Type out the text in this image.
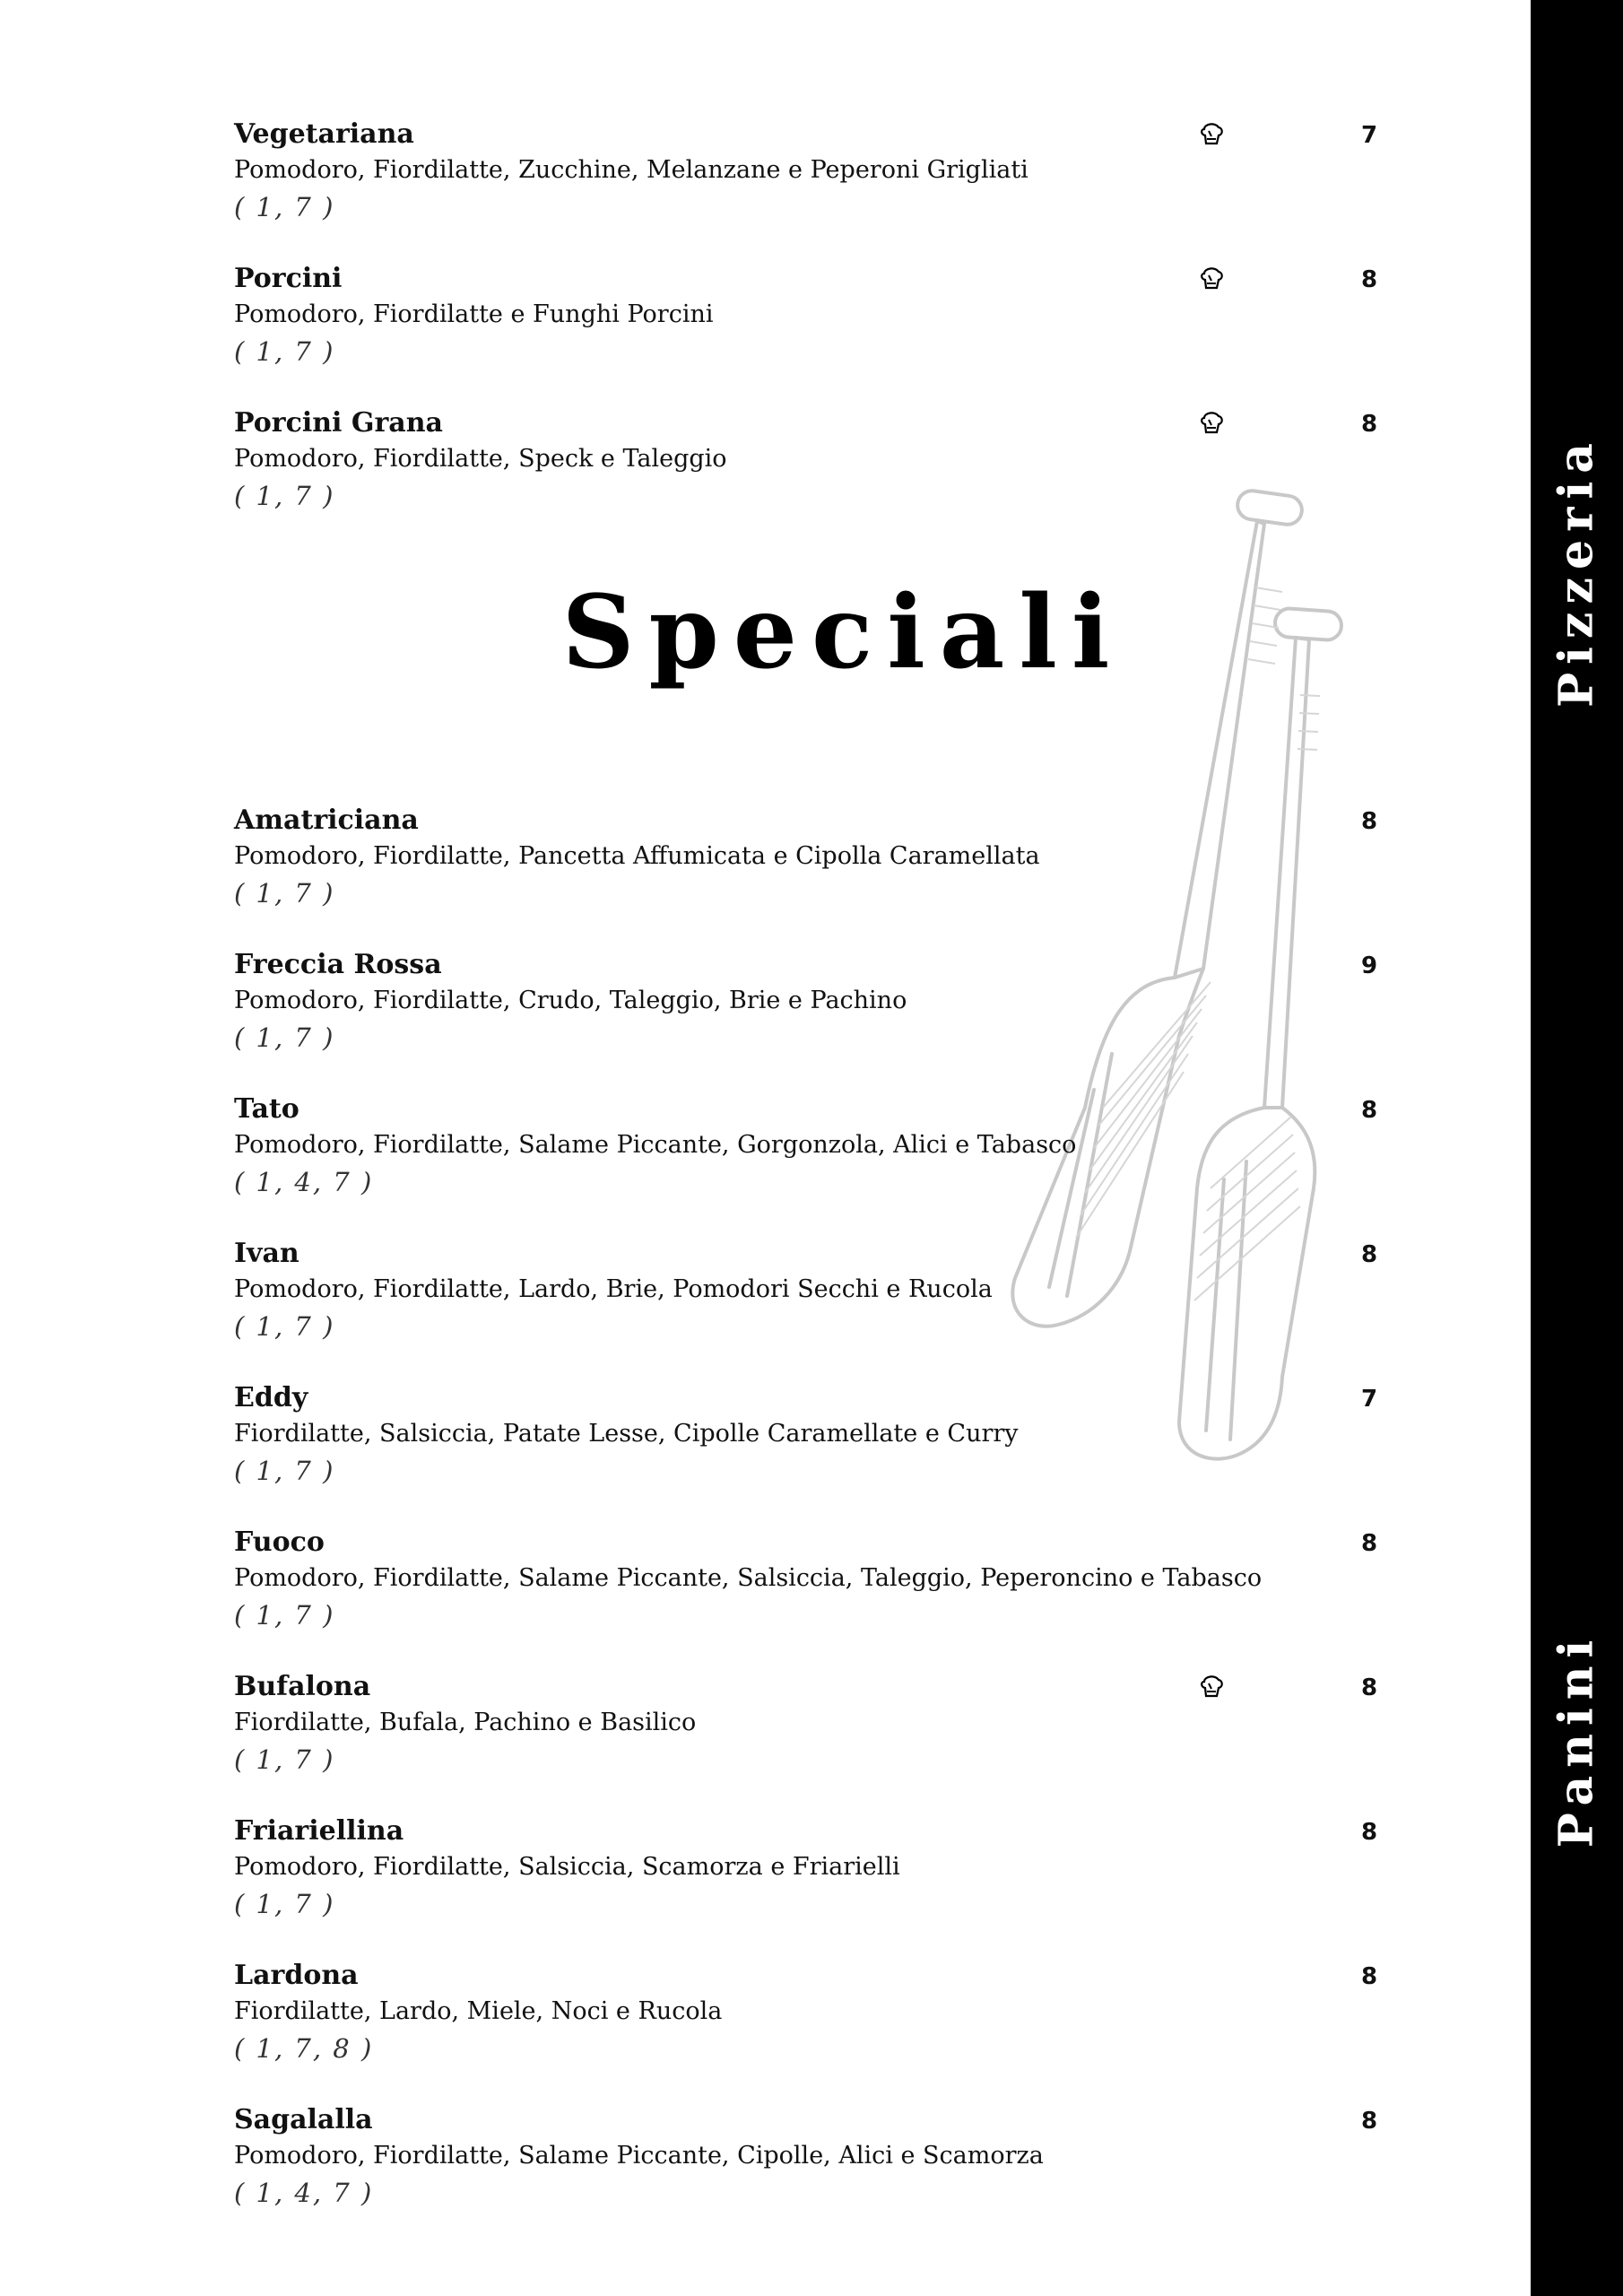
Vegetariana	7
Pomodoro, Fiordilatte, Zucchine, Melanzane e Peperoni Grigliati
( 1, 7 )
Porcini	8
Pomodoro, Fiordilatte e Funghi Porcini
( 1, 7 )
Porcini Grana	8
Pomodoro, Fiordilatte, Speck e Taleggio
( 1, 7 )
Speciali
Amatriciana	8
Pomodoro, Fiordilatte, Pancetta Affumicata e Cipolla Caramellata
( 1, 7 )
Freccia Rossa	9
Pomodoro, Fiordilatte, Crudo, Taleggio, Brie e Pachino
( 1, 7 )
Tato	8
Pomodoro, Fiordilatte, Salame Piccante, Gorgonzola, Alici e Tabasco
( 1, 4, 7 )
Ivan	8
Pomodoro, Fiordilatte, Lardo, Brie, Pomodori Secchi e Rucola
( 1, 7 )
Eddy	7
Fiordilatte, Salsiccia, Patate Lesse, Cipolle Caramellate e Curry
( 1, 7 )
Fuoco	8
Pomodoro, Fiordilatte, Salame Piccante, Salsiccia, Taleggio, Peperoncino e Tabasco
( 1, 7 )
Bufalona	8
Fiordilatte, Bufala, Pachino e Basilico
( 1, 7 )
Friariellina	8
Pomodoro, Fiordilatte, Salsiccia, Scamorza e Friarielli
( 1, 7 )
Lardona	8
Fiordilatte, Lardo, Miele, Noci e Rucola
( 1, 7, 8 )
Sagalalla	8
Pomodoro, Fiordilatte, Salame Piccante, Cipolle, Alici e Scamorza
( 1, 4, 7 )
Pizzeria
Panini
